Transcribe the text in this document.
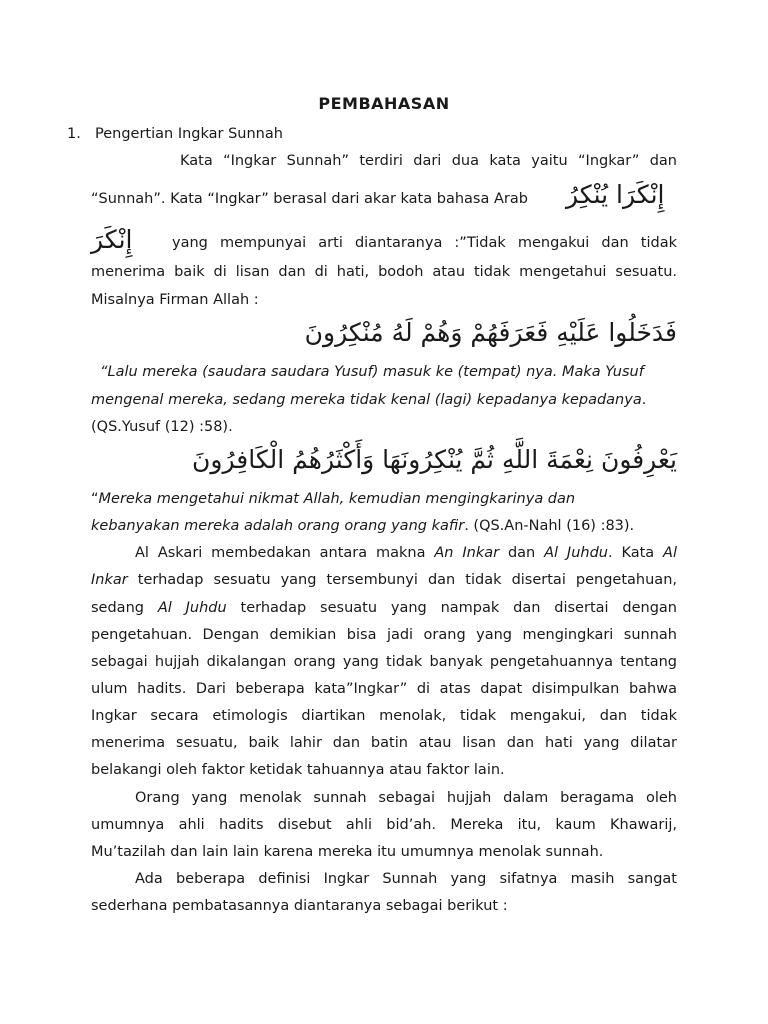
PEMBAHASAN
1. Pengertian Ingkar Sunnah
Kata “Ingkar Sunnah” terdiri dari dua kata yaitu “Ingkar” dan
“Sunnah”. Kata “Ingkar” berasal dari akar kata bahasa Arab إِنْكَرَا يُنْكِرُ
إِنْكَرَ	yang mempunyai arti diantaranya :”Tidak mengakui dan tidak
menerima baik di lisan dan di hati, bodoh atau tidak mengetahui sesuatu.
Misalnya Firman Allah :
فَدَخَلُوا عَلَيْهِ فَعَرَفَهُمْ وَهُمْ لَهُ مُنْكِرُونَ
“Lalu mereka (saudara saudara Yusuf) masuk ke (tempat) nya. Maka Yusuf
mengenal mereka, sedang mereka tidak kenal (lagi) kepadanya kepadanya.
(QS.Yusuf (12) :58).
يَعْرِفُونَ نِعْمَةَ اللَّهِ ثُمَّ يُنْكِرُونَهَا وَأَكْثَرُهُمُ الْكَافِرُونَ
“Mereka mengetahui nikmat Allah, kemudian mengingkarinya dan
kebanyakan mereka adalah orang orang yang kafir. (QS.An-Nahl (16) :83).
Al Askari membedakan antara makna An Inkar dan Al Juhdu. Kata Al
Inkar terhadap sesuatu yang tersembunyi dan tidak disertai pengetahuan,
sedang Al Juhdu terhadap sesuatu yang nampak dan disertai dengan
pengetahuan. Dengan demikian bisa jadi orang yang mengingkari sunnah
sebagai hujjah dikalangan orang yang tidak banyak pengetahuannya tentang
ulum hadits. Dari beberapa kata”Ingkar” di atas dapat disimpulkan bahwa
Ingkar secara etimologis diartikan menolak, tidak mengakui, dan tidak
menerima sesuatu, baik lahir dan batin atau lisan dan hati yang dilatar
belakangi oleh faktor ketidak tahuannya atau faktor lain.
Orang yang menolak sunnah sebagai hujjah dalam beragama oleh
umumnya ahli hadits disebut ahli bid’ah. Mereka itu, kaum Khawarij,
Mu’tazilah dan lain lain karena mereka itu umumnya menolak sunnah.
Ada beberapa definisi Ingkar Sunnah yang sifatnya masih sangat
sederhana pembatasannya diantaranya sebagai berikut :
